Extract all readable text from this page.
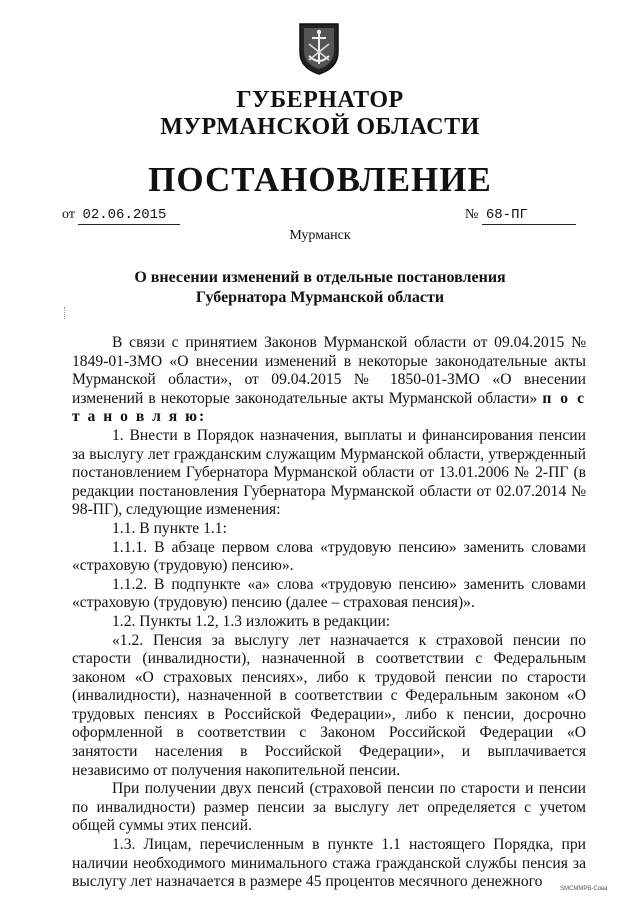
ГУБЕРНАТОР
МУРМАНСКОЙ ОБЛАСТИ
ПОСТАНОВЛЕНИЕ
от 02.06.2015	№ 68-ПГ
Мурманск
О внесении изменений в отдельные постановления Губернатора Мурманской области

В связи с принятием Законов Мурманской области от 09.04.2015 № 1849-01-ЗМО «О внесении изменений в некоторые законодательные акты Мурманской области», от 09.04.2015 № 1850-01-ЗМО «О внесении изменений в некоторые законодательные акты Мурманской области» п о с т а н о в л я ю:

1. Внести в Порядок назначения, выплаты и финансирования пенсии за выслугу лет гражданским служащим Мурманской области, утвержденный постановлением Губернатора Мурманской области от 13.01.2006 № 2-ПГ (в редакции постановления Губернатора Мурманской области от 02.07.2014 № 98-ПГ), следующие изменения:

1.1. В пункте 1.1:

1.1.1. В абзаце первом слова «трудовую пенсию» заменить словами «страховую (трудовую) пенсию».

1.1.2. В подпункте «а» слова «трудовую пенсию» заменить словами «страховую (трудовую) пенсию (далее – страховая пенсия)».

1.2. Пункты 1.2, 1.3 изложить в редакции:

«1.2. Пенсия за выслугу лет назначается к страховой пенсии по старости (инвалидности), назначенной в соответствии с Федеральным законом «О страховых пенсиях», либо к трудовой пенсии по старости (инвалидности), назначенной в соответствии с Федеральным законом «О трудовых пенсиях в Российской Федерации», либо к пенсии, досрочно оформленной в соответствии с Законом Российской Федерации «О занятости населения в Российской Федерации», и выплачивается независимо от получения накопительной пенсии.

При получении двух пенсий (страховой пенсии по старости и пенсии по инвалидности) размер пенсии за выслугу лет определяется с учетом общей суммы этих пенсий.

1.3. Лицам, перечисленным в пункте 1.1 настоящего Порядка, при наличии необходимого минимального стажа гражданской службы пенсия за выслугу лет назначается в размере 45 процентов месячного денежного	SMCMMPB-Сова
